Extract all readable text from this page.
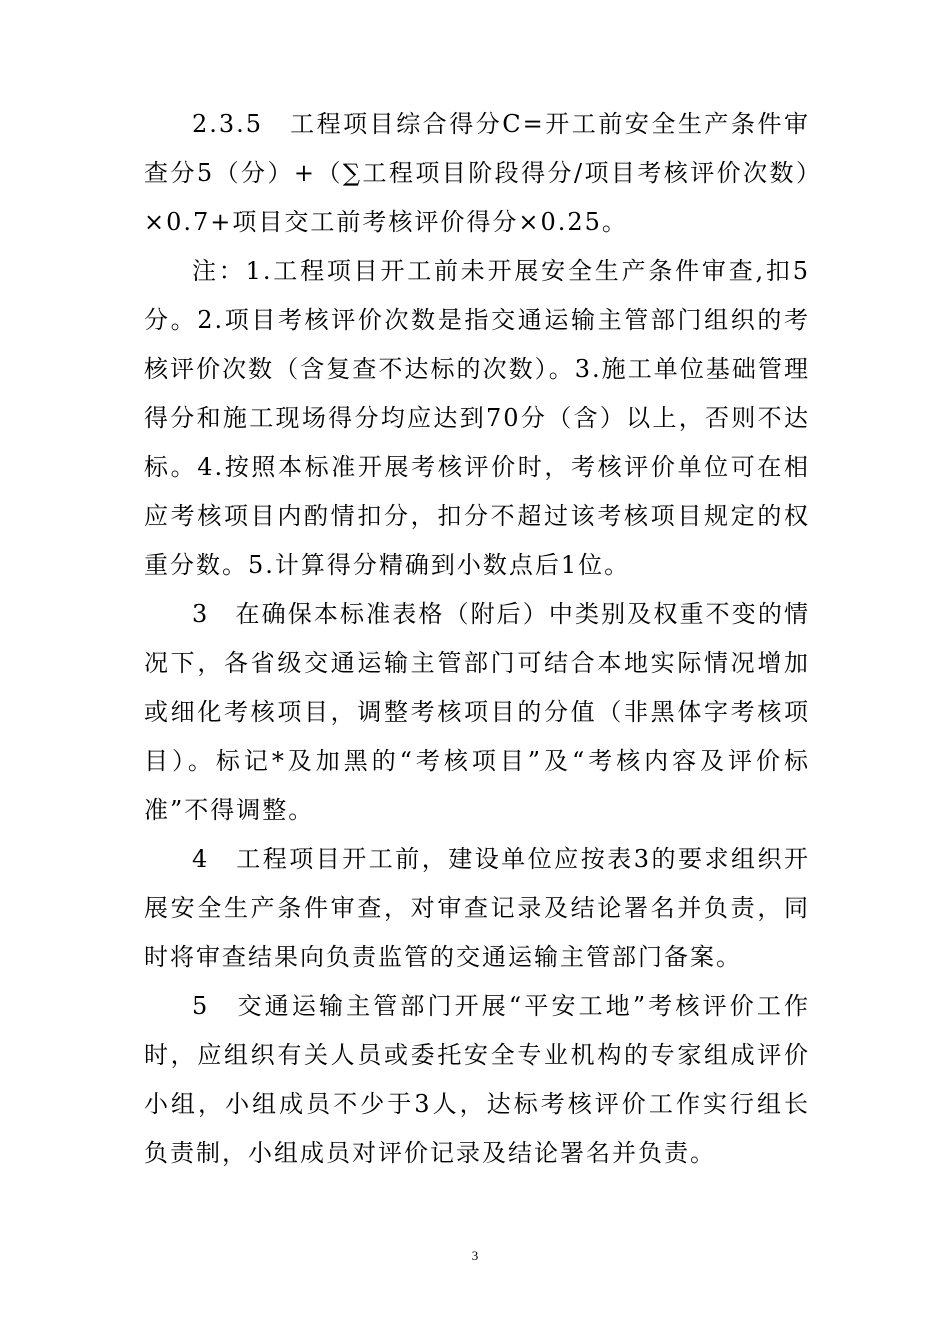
2.3.5　工程项目综合得分C=开工前安全生产条件审查分5（分）+（∑工程项目阶段得分/项目考核评价次数）×0.7+项目交工前考核评价得分×0.25。

注：1.工程项目开工前未开展安全生产条件审查,扣5分。2.项目考核评价次数是指交通运输主管部门组织的考核评价次数（含复查不达标的次数）。3.施工单位基础管理得分和施工现场得分均应达到70分（含）以上，否则不达标。4.按照本标准开展考核评价时，考核评价单位可在相应考核项目内酌情扣分，扣分不超过该考核项目规定的权重分数。5.计算得分精确到小数点后1位。

3　在确保本标准表格（附后）中类别及权重不变的情况下，各省级交通运输主管部门可结合本地实际情况增加或细化考核项目，调整考核项目的分值（非黑体字考核项目）。标记*及加黑的“考核项目”及“考核内容及评价标准”不得调整。

4　工程项目开工前，建设单位应按表3的要求组织开展安全生产条件审查，对审查记录及结论署名并负责，同时将审查结果向负责监管的交通运输主管部门备案。

5　交通运输主管部门开展“平安工地”考核评价工作时，应组织有关人员或委托安全专业机构的专家组成评价小组，小组成员不少于3人，达标考核评价工作实行组长负责制，小组成员对评价记录及结论署名并负责。

3
